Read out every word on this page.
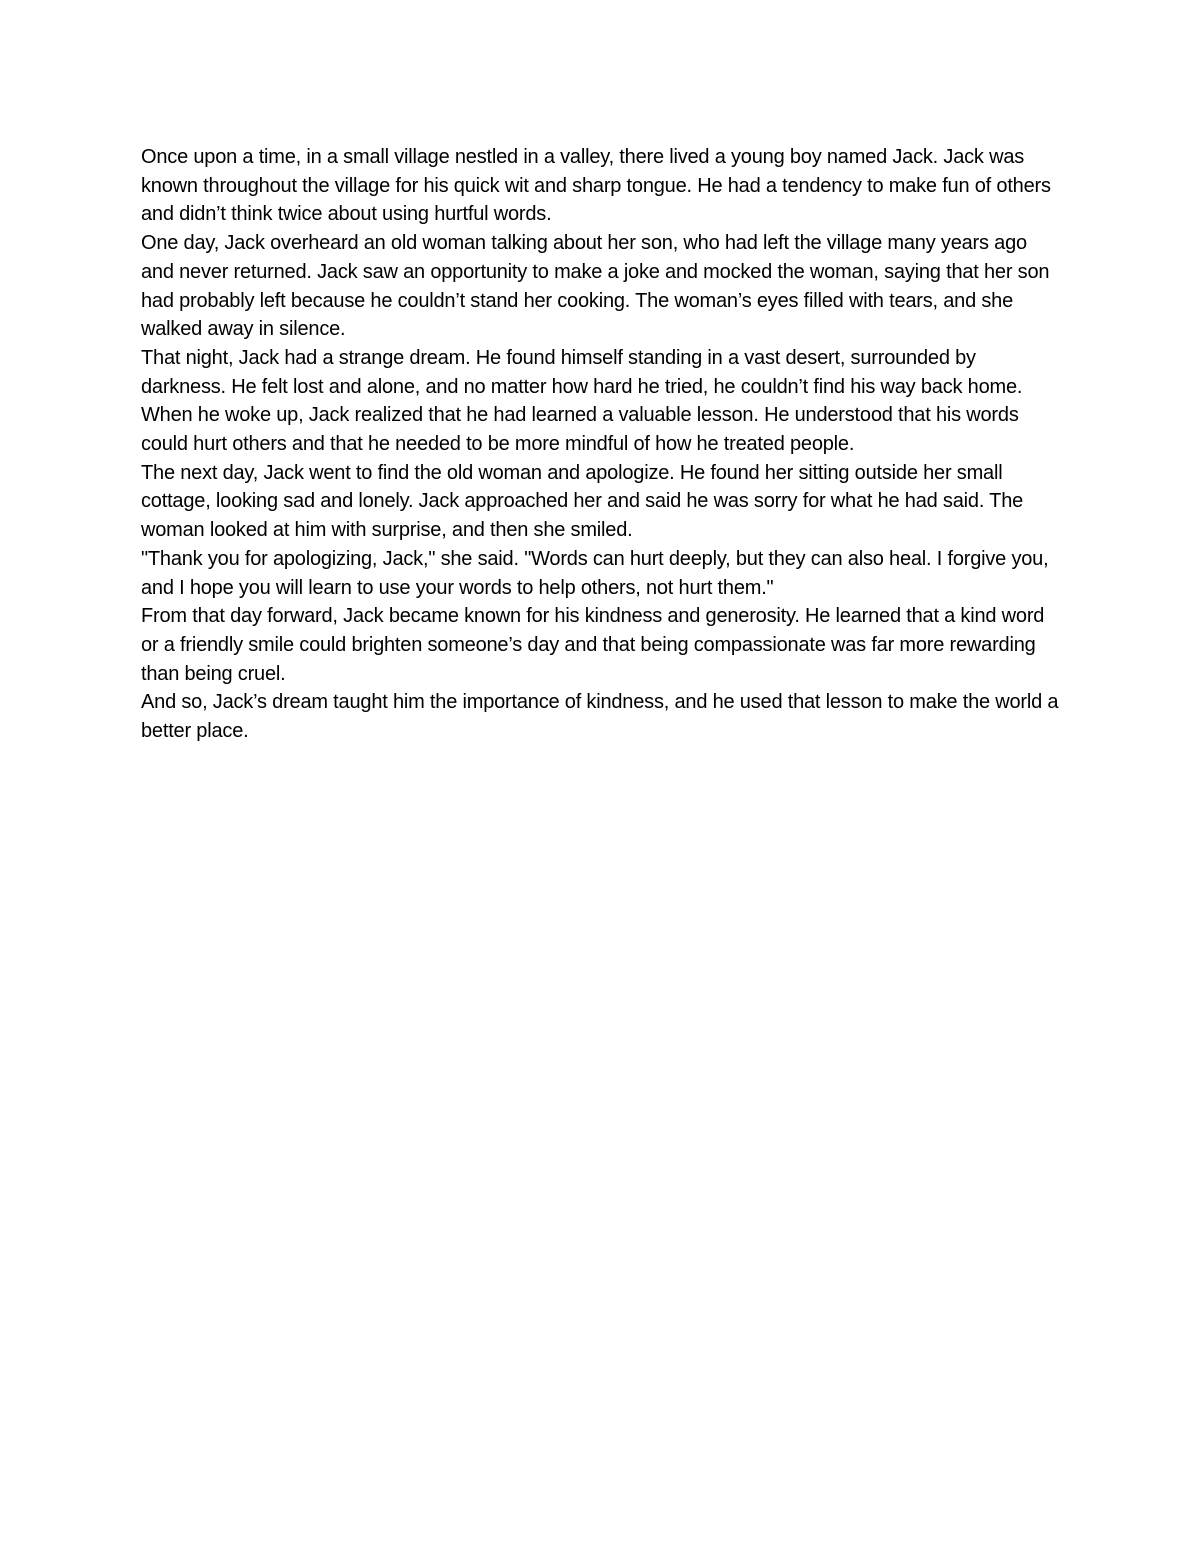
Once upon a time, in a small village nestled in a valley, there lived a young boy named Jack. Jack was known throughout the village for his quick wit and sharp tongue. He had a tendency to make fun of others and didn’t think twice about using hurtful words.

One day, Jack overheard an old woman talking about her son, who had left the village many years ago and never returned. Jack saw an opportunity to make a joke and mocked the woman, saying that her son had probably left because he couldn’t stand her cooking. The woman’s eyes filled with tears, and she walked away in silence.

That night, Jack had a strange dream. He found himself standing in a vast desert, surrounded by darkness. He felt lost and alone, and no matter how hard he tried, he couldn’t find his way back home.

When he woke up, Jack realized that he had learned a valuable lesson. He understood that his words could hurt others and that he needed to be more mindful of how he treated people.

The next day, Jack went to find the old woman and apologize. He found her sitting outside her small cottage, looking sad and lonely. Jack approached her and said he was sorry for what he had said. The woman looked at him with surprise, and then she smiled.

"Thank you for apologizing, Jack," she said. "Words can hurt deeply, but they can also heal. I forgive you, and I hope you will learn to use your words to help others, not hurt them."

From that day forward, Jack became known for his kindness and generosity. He learned that a kind word or a friendly smile could brighten someone’s day and that being compassionate was far more rewarding than being cruel.

And so, Jack’s dream taught him the importance of kindness, and he used that lesson to make the world a better place.
